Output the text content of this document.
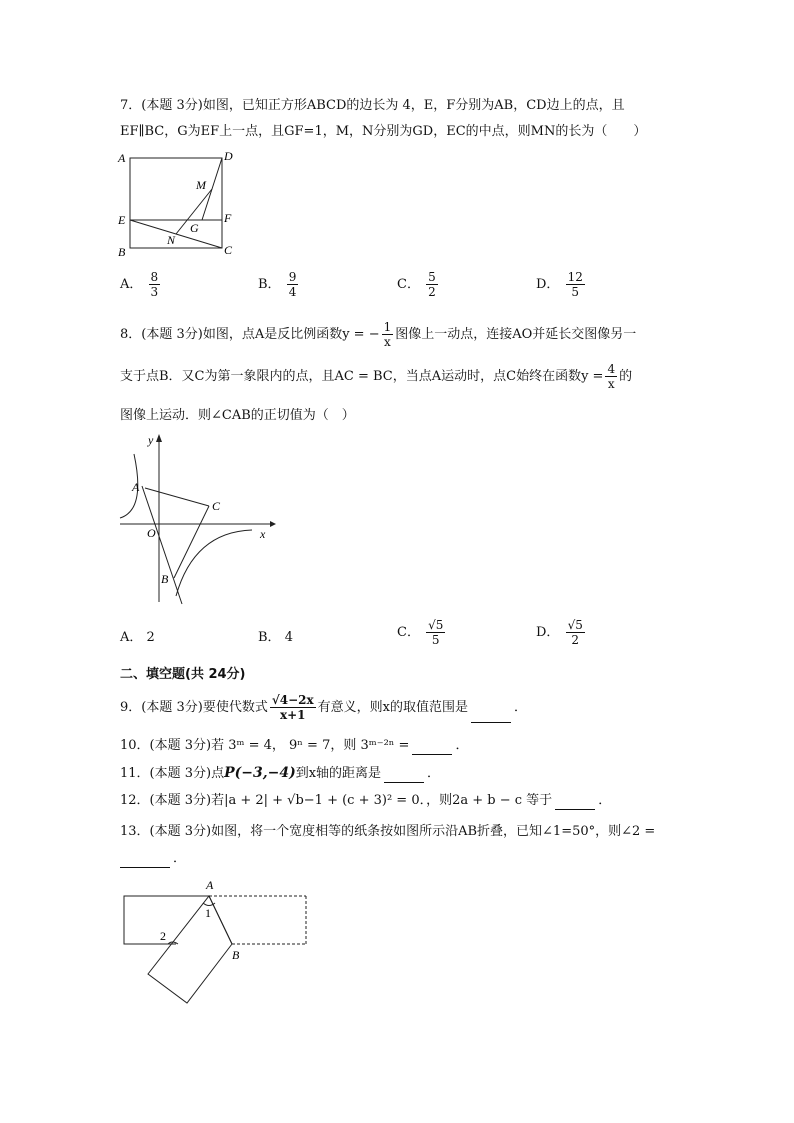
7．(本题 3分)如图，已知正方形ABCD的边长为 4，E，F分别为AB，CD边上的点，且
EF∥BC，G为EF上一点，且GF=1，M，N分别为GD，EC的中点，则MN的长为（　　）
A	D
E	F
B	C
M
G
N
A． $\frac{8}{3}$	B． $\frac{9}{4}$	C． $\frac{5}{2}$	D． $\frac{12}{5}$
8．(本题 3分)如图，点A是反比例函数y = − $\frac{1}{x}$ 图像上一动点，连接AO并延长交图像另一
支于点B．又C为第一象限内的点，且AC = BC，当点A运动时，点C始终在函数$y = \frac{4}{x}$ 的
图像上运动．则∠CAB的正切值为（　）
y
x
O
A
C
B
A． 2	B． 4	C． $\frac{√5}{5}$	D． $\frac{√5}{2}$
二、填空题(共 24分)
9．(本题 3分)要使代数式 $\frac{√4-2x}{x+1}$ 有意义，则x的取值范围是	．
10．(本题 3分)若 3ᵐ = 4， 9ⁿ = 7，则 3ᵐ⁻²ⁿ =	．
11．(本题 3分)点P(−3,−4)到x轴的距离是	．
12．(本题 3分)若|a + 2| + √b−1 + (c + 3)² = 0．，则2a + b − c 等于	．
13．(本题 3分)如图，将一个宽度相等的纸条按如图所示沿AB折叠，已知∠1=50°，则∠2 =
．
A
B
1
2
